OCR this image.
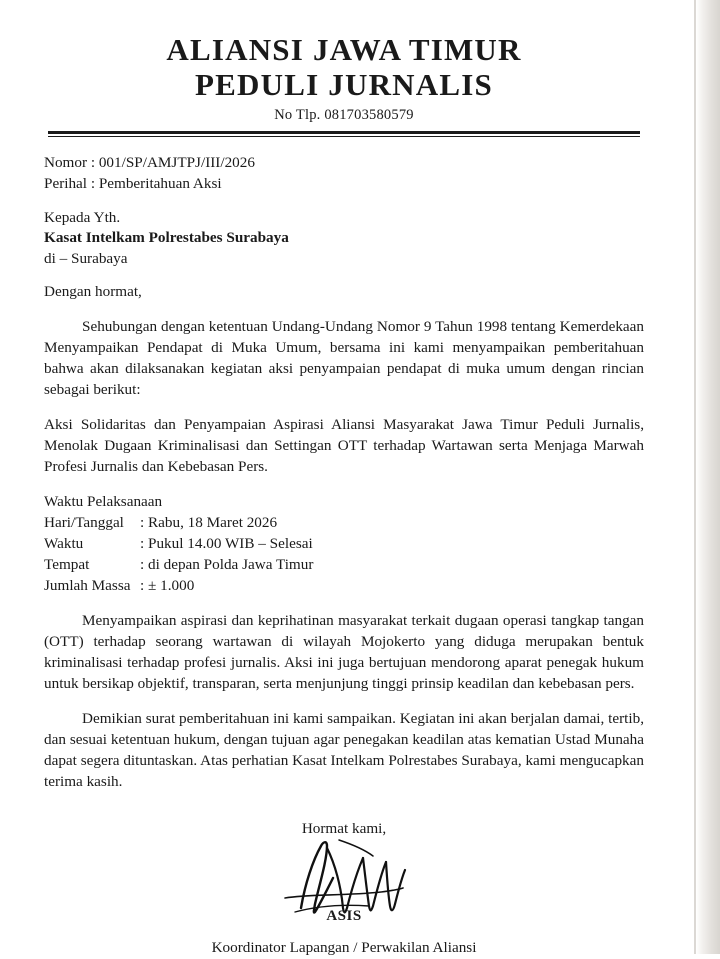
ALIANSI JAWA TIMUR
PEDULI JURNALIS
No Tlp. 081703580579
Nomor : 001/SP/AMJTPJ/III/2026
Perihal : Pemberitahuan Aksi
Kepada Yth.
Kasat Intelkam Polrestabes Surabaya
di – Surabaya
Dengan hormat,
Sehubungan dengan ketentuan Undang-Undang Nomor 9 Tahun 1998 tentang Kemerdekaan Menyampaikan Pendapat di Muka Umum, bersama ini kami menyampaikan pemberitahuan bahwa akan dilaksanakan kegiatan aksi penyampaian pendapat di muka umum dengan rincian sebagai berikut:
Aksi Solidaritas dan Penyampaian Aspirasi Aliansi Masyarakat Jawa Timur Peduli Jurnalis, Menolak Dugaan Kriminalisasi dan Settingan OTT terhadap Wartawan serta Menjaga Marwah Profesi Jurnalis dan Kebebasan Pers.
Waktu Pelaksanaan
Hari/Tanggal	: Rabu, 18 Maret 2026
Waktu	: Pukul 14.00 WIB – Selesai
Tempat	: di depan Polda Jawa Timur
Jumlah Massa : ± 1.000
Menyampaikan aspirasi dan keprihatinan masyarakat terkait dugaan operasi tangkap tangan (OTT) terhadap seorang wartawan di wilayah Mojokerto yang diduga merupakan bentuk kriminalisasi terhadap profesi jurnalis. Aksi ini juga bertujuan mendorong aparat penegak hukum untuk bersikap objektif, transparan, serta menjunjung tinggi prinsip keadilan dan kebebasan pers.
Demikian surat pemberitahuan ini kami sampaikan. Kegiatan ini akan berjalan damai, tertib, dan sesuai ketentuan hukum, dengan tujuan agar penegakan keadilan atas kematian Ustad Munaha dapat segera dituntaskan. Atas perhatian Kasat Intelkam Polrestabes Surabaya, kami mengucapkan terima kasih.
Hormat kami,
ASIS
Koordinator Lapangan / Perwakilan Aliansi
